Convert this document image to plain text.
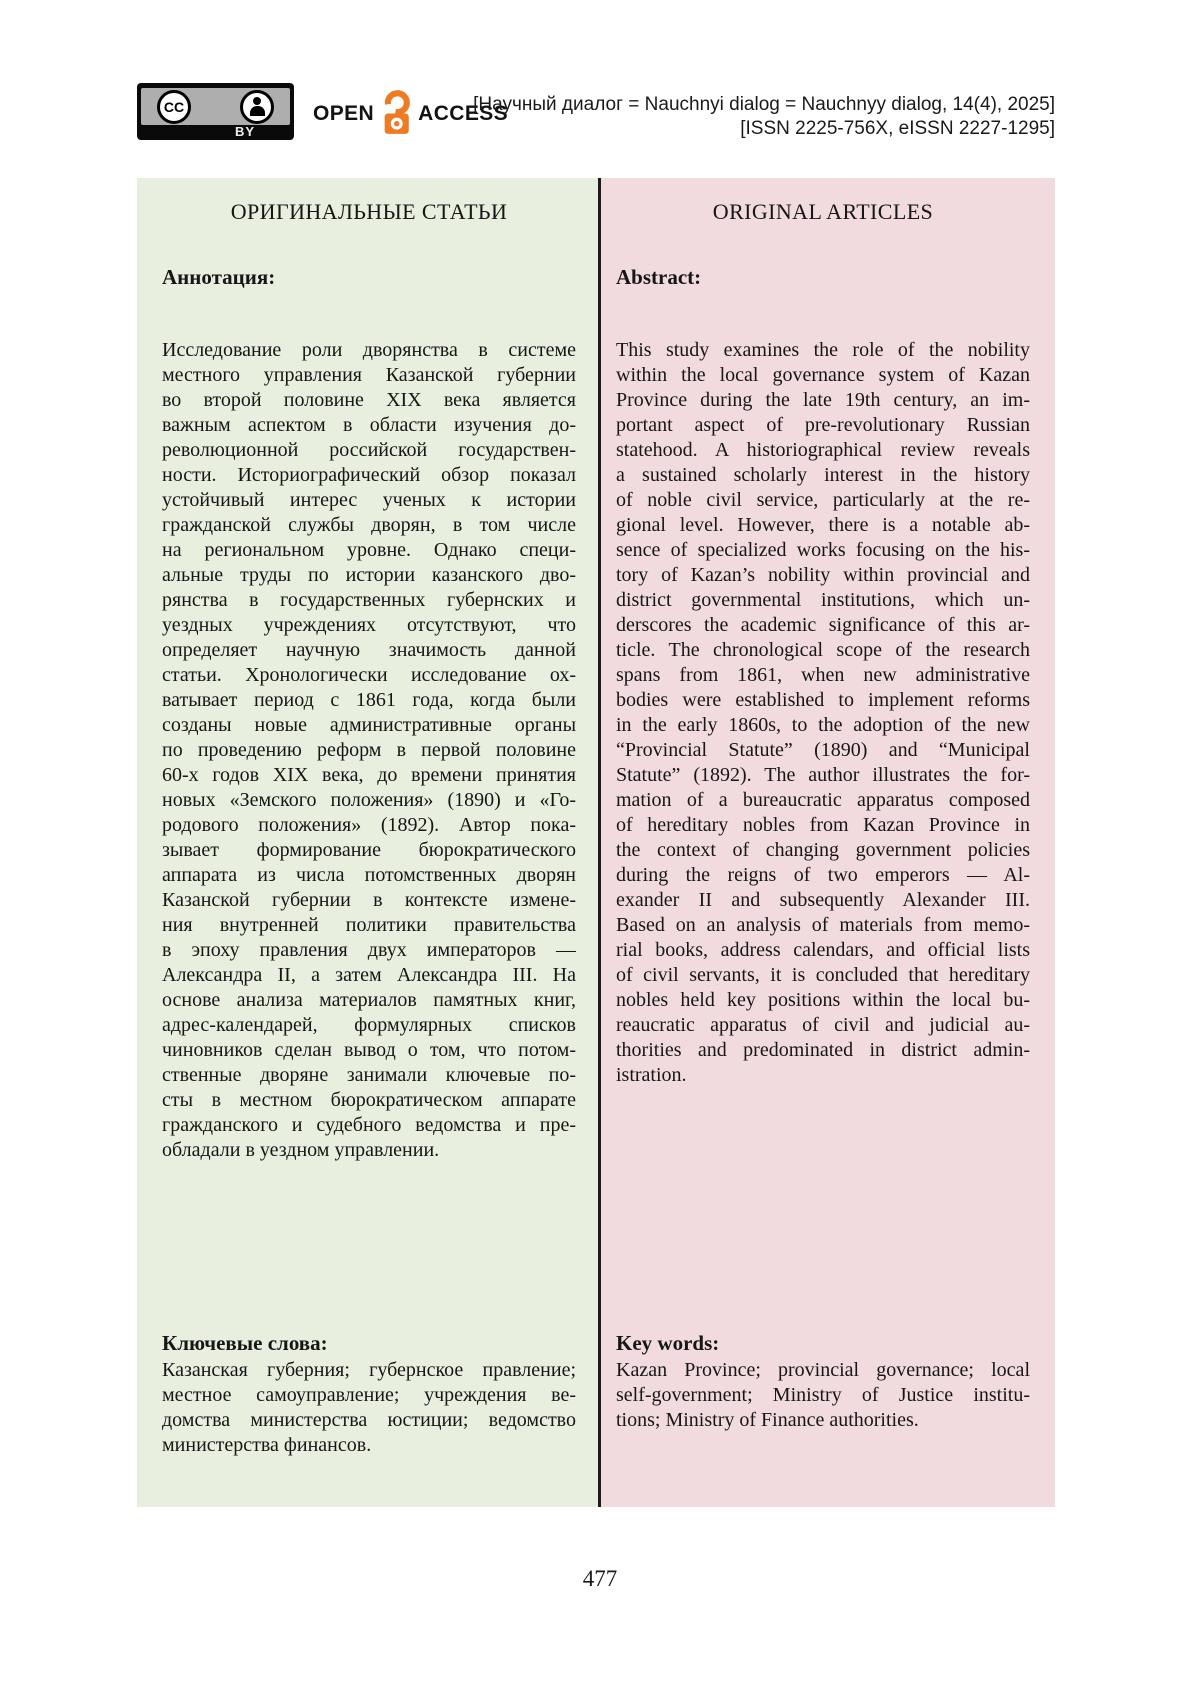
CC
BY
OPEN ACCESS
[Научный диалог = Nauchnyi dialog = Nauchnyy dialog, 14(4), 2025]
[ISSN 2225-756X, eISSN 2227-1295]
ОРИГИНАЛЬНЫЕ СТАТЬИ
Аннотация:
Исследование роли дворянства в системе
местного управления Казанской губернии
во второй половине XIX века является
важным аспектом в области изучения до-
революционной российской государствен-
ности. Историографический обзор показал
устойчивый интерес ученых к истории
гражданской службы дворян, в том числе
на региональном уровне. Однако специ-
альные труды по истории казанского дво-
рянства в государственных губернских и
уездных учреждениях отсутствуют, что
определяет научную значимость данной
статьи. Хронологически исследование ох-
ватывает период с 1861 года, когда были
созданы новые административные органы
по проведению реформ в первой половине
60-х годов XIX века, до времени принятия
новых «Земского положения» (1890) и «Го-
родового положения» (1892). Автор пока-
зывает формирование бюрократического
аппарата из числа потомственных дворян
Казанской губернии в контексте измене-
ния внутренней политики правительства
в эпоху правления двух императоров —
Александра II, а затем Александра III. На
основе анализа материалов памятных книг,
адрес-календарей, формулярных списков
чиновников сделан вывод о том, что потом-
ственные дворяне занимали ключевые по-
сты в местном бюрократическом аппарате
гражданского и судебного ведомства и пре-
обладали в уездном управлении.
Ключевые слова:
Казанская губерния; губернское правление;
местное самоуправление; учреждения ве-
домства министерства юстиции; ведомство
министерства финансов.
ORIGINAL ARTICLES
Abstract:
This study examines the role of the nobility
within the local governance system of Kazan
Province during the late 19th century, an im-
portant aspect of pre-revolutionary Russian
statehood. A historiographical review reveals
a sustained scholarly interest in the history
of noble civil service, particularly at the re-
gional level. However, there is a notable ab-
sence of specialized works focusing on the his-
tory of Kazan’s nobility within provincial and
district governmental institutions, which un-
derscores the academic significance of this ar-
ticle. The chronological scope of the research
spans from 1861, when new administrative
bodies were established to implement reforms
in the early 1860s, to the adoption of the new
“Provincial Statute” (1890) and “Municipal
Statute” (1892). The author illustrates the for-
mation of a bureaucratic apparatus composed
of hereditary nobles from Kazan Province in
the context of changing government policies
during the reigns of two emperors — Al-
exander II and subsequently Alexander III.
Based on an analysis of materials from memo-
rial books, address calendars, and official lists
of civil servants, it is concluded that hereditary
nobles held key positions within the local bu-
reaucratic apparatus of civil and judicial au-
thorities and predominated in district admin-
istration.
Key words:
Kazan Province; provincial governance; local
self-government; Ministry of Justice institu-
tions; Ministry of Finance authorities.
477
